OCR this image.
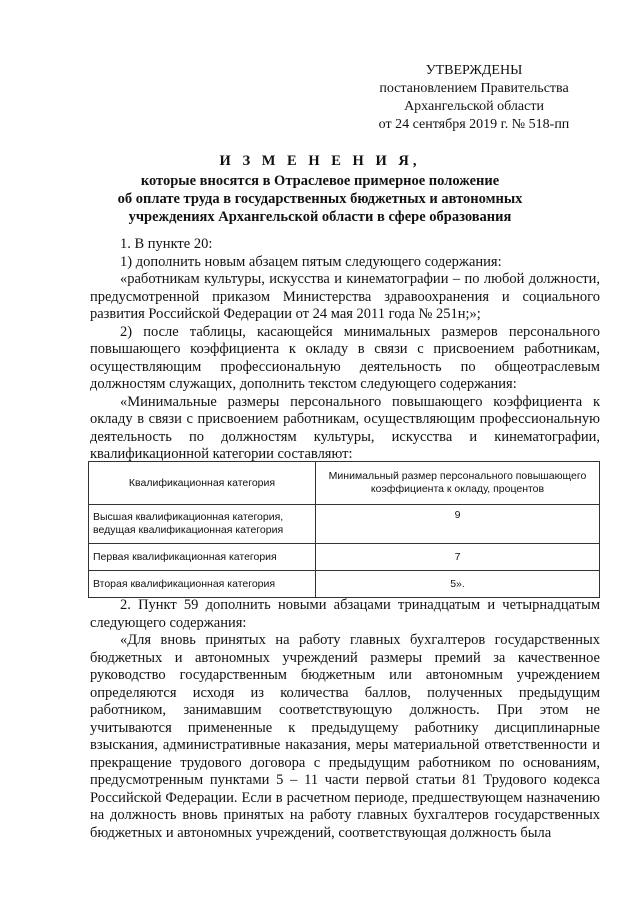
УТВЕРЖДЕНЫ
постановлением Правительства
Архангельской области
от 24 сентября 2019 г. № 518-пп
И З М Е Н Е Н И Я,
которые вносятся в Отраслевое примерное положение
об оплате труда в государственных бюджетных и автономных
учреждениях Архангельской области в сфере образования

1. В пункте 20:

1) дополнить новым абзацем пятым следующего содержания:

«работникам культуры, искусства и кинематографии – по любой должности, предусмотренной приказом Министерства здравоохранения и социального развития Российской Федерации от 24 мая 2011 года № 251н;»;

2) после таблицы, касающейся минимальных размеров персонального повышающего коэффициента к окладу в связи с присвоением работникам, осуществляющим профессиональную деятельность по общеотраслевым должностям служащих, дополнить текстом следующего содержания:

«Минимальные размеры персонального повышающего коэффициента к окладу в связи с присвоением работникам, осуществляющим профессиональную деятельность по должностям культуры, искусства и кинематографии, квалификационной категории составляют:

Квалификационная категория	Минимальный размер персонального повышающего коэффициента к окладу, процентов
Высшая квалификационная категория, ведущая квалификационная категория	9
Первая квалификационная категория	7
Вторая квалификационная категория	5».

2. Пункт 59 дополнить новыми абзацами тринадцатым и четырнадцатым следующего содержания:

«Для вновь принятых на работу главных бухгалтеров государственных бюджетных и автономных учреждений размеры премий за качественное руководство государственным бюджетным или автономным учреждением определяются исходя из количества баллов, полученных предыдущим работником, занимавшим соответствующую должность. При этом не учитываются примененные к предыдущему работнику дисциплинарные взыскания, административные наказания, меры материальной ответственности и прекращение трудового договора с предыдущим работником по основаниям, предусмотренным пунктами 5 – 11 части первой статьи 81 Трудового кодекса Российской Федерации. Если в расчетном периоде, предшествующем назначению на должность вновь принятых на работу главных бухгалтеров государственных бюджетных и автономных учреждений, соответствующая должность была
